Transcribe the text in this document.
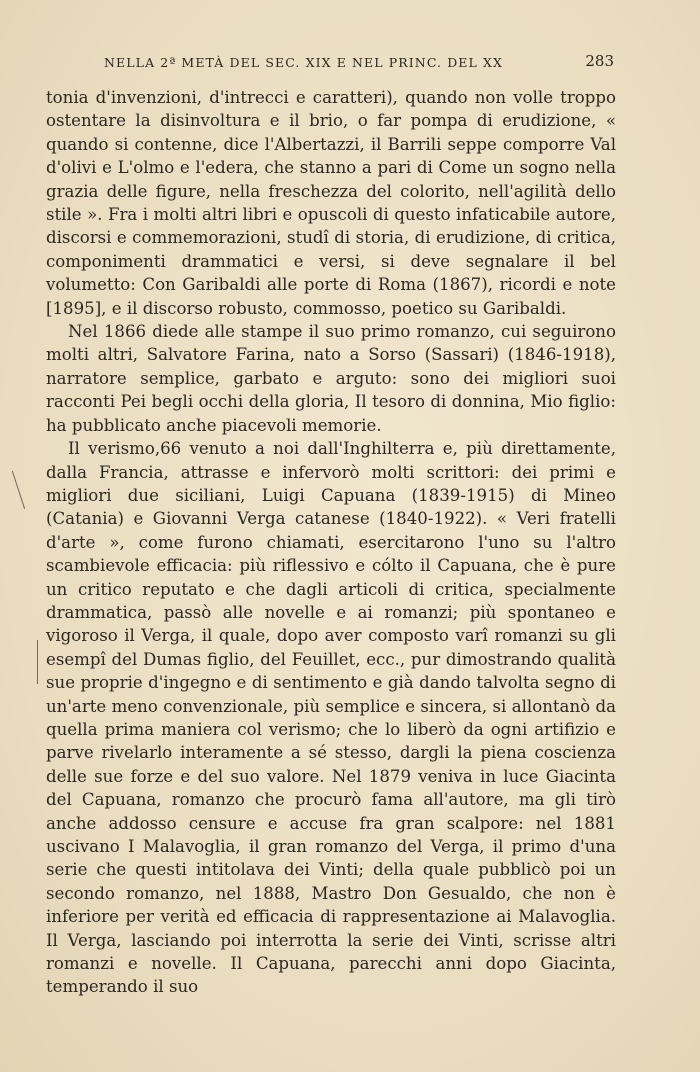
NELLA 2ª METÀ DEL SEC. XIX E NEL PRINC. DEL XX	283

tonia d'invenzioni, d'intrecci e caratteri), quando non volle troppo ostentare la disinvoltura e il brio, o far pompa di erudizione, « quando si contenne, dice l'Albertazzi, il Barrili seppe comporre Val d'olivi e L'olmo e l'edera, che stanno a pari di Come un sogno nella grazia delle figure, nella freschezza del colorito, nell'agilità dello stile ». Fra i molti altri libri e opuscoli di questo infaticabile autore, discorsi e commemorazioni, studî di storia, di erudizione, di critica, componimenti drammatici e versi, si deve segnalare il bel volumetto: Con Garibaldi alle porte di Roma (1867), ricordi e note [1895], e il discorso robusto, commosso, poetico su Garibaldi.

Nel 1866 diede alle stampe il suo primo romanzo, cui seguirono molti altri, Salvatore Farina, nato a Sorso (Sassari) (1846-1918), narratore semplice, garbato e arguto: sono dei migliori suoi racconti Pei begli occhi della gloria, Il tesoro di donnina, Mio figlio: ha pubblicato anche piacevoli memorie.

Il verismo,66 venuto a noi dall'Inghilterra e, più direttamente, dalla Francia, attrasse e infervorò molti scrittori: dei primi e migliori due siciliani, Luigi Capuana (1839-1915) di Mineo (Catania) e Giovanni Verga catanese (1840-1922). « Veri fratelli d'arte », come furono chiamati, esercitarono l'uno su l'altro scambievole efficacia: più riflessivo e cólto il Capuana, che è pure un critico reputato e che dagli articoli di critica, specialmente drammatica, passò alle novelle e ai romanzi; più spontaneo e vigoroso il Verga, il quale, dopo aver composto varî romanzi su gli esempî del Dumas figlio, del Feuillet, ecc., pur dimostrando qualità sue proprie d'ingegno e di sentimento e già dando talvolta segno di un'arte meno convenzionale, più semplice e sincera, si allontanò da quella prima maniera col verismo; che lo liberò da ogni artifizio e parve rivelarlo interamente a sé stesso, dargli la piena coscienza delle sue forze e del suo valore. Nel 1879 veniva in luce Giacinta del Capuana, romanzo che procurò fama all'autore, ma gli tirò anche addosso censure e accuse fra gran scalpore: nel 1881 uscivano I Malavoglia, il gran romanzo del Verga, il primo d'una serie che questi intitolava dei Vinti; della quale pubblicò poi un secondo romanzo, nel 1888, Mastro Don Gesualdo, che non è inferiore per verità ed efficacia di rappresentazione ai Malavoglia. Il Verga, lasciando poi interrotta la serie dei Vinti, scrisse altri romanzi e novelle. Il Capuana, parecchi anni dopo Giacinta, temperando il suo
